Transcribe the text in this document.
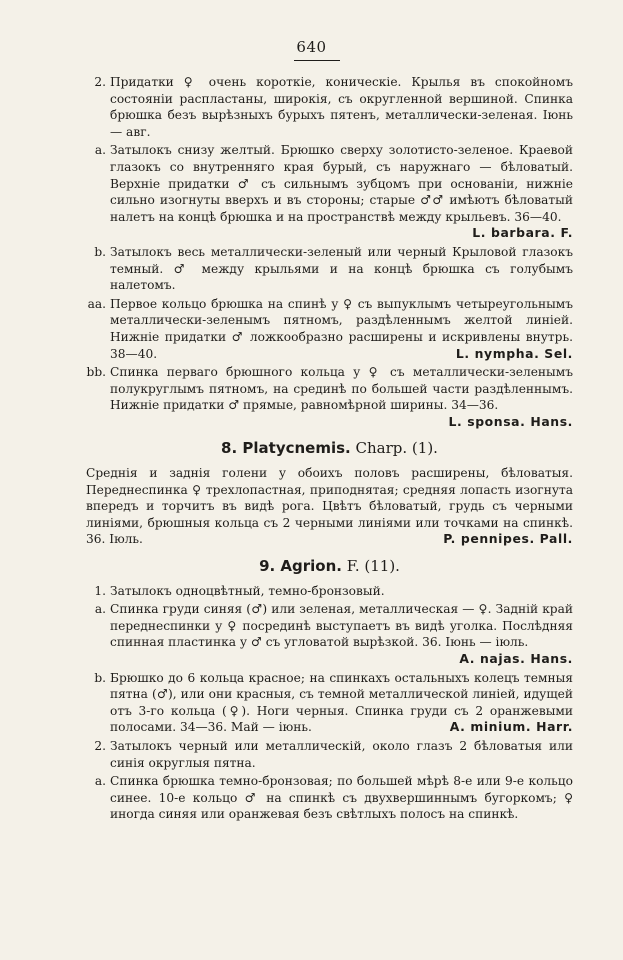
640
2. Придатки ♀ очень короткіе, коническіе. Крылья въ спокойномъ состояніи распластаны, широкія, съ округленной вершиной. Спинка брюшка безъ вырѣзныхъ бурыхъ пятенъ, металлически-зеленая. Іюнь — авг.
a. Затылокъ снизу желтый. Брюшко сверху золотисто-зеленое. Краевой глазокъ со внутренняго края бурый, съ наружнаго — бѣловатый. Верхніе придатки ♂ съ сильнымъ зубцомъ при основаніи, нижніе сильно изогнуты вверхъ и въ стороны; старые ♂♂ имѣютъ бѣловатый налетъ на концѣ брюшка и на пространствѣ между крыльевъ. 36—40.
L. barbara. F.
b. Затылокъ весь металлически-зеленый или черный Крыловой глазокъ темный. ♂ между крыльями и на концѣ брюшка съ голубымъ налетомъ.
aa. Первое кольцо брюшка на спинѣ у ♀ съ выпуклымъ четыреугольнымъ металлически-зеленымъ пятномъ, раздѣленнымъ желтой линіей. Нижніе придатки ♂ ложкообразно расширены и искривлены внутрь. 38—40.	L. nympha. Sel.
bb. Спинка перваго брюшного кольца у ♀ съ металлически-зеленымъ полукруглымъ пятномъ, на срединѣ по большей части раздѣленнымъ. Нижніе придатки ♂ прямые, равномѣрной ширины. 34—36.
L. sponsa. Hans.
8. Platycnemis. Charp. (1).
Среднія и заднія голени у обоихъ половъ расширены, бѣловатыя. Переднеспинка ♀ трехлопастная, приподнятая; средняя лопасть изогнута впередъ и торчитъ въ видѣ рога. Цвѣтъ бѣловатый, грудь съ черными линіями, брюшныя кольца съ 2 черными линіями или точками на спинкѣ. 36. Іюль.	P. pennipes. Pall.
9. Agrion. F. (11).
1. Затылокъ одноцвѣтный, темно-бронзовый.
a. Спинка груди синяя (♂) или зеленая, металлическая — ♀. Задній край переднеспинки у ♀ посрединѣ выступаетъ въ видѣ уголка. Послѣдняя спинная пластинка у ♂ съ угловатой вырѣзкой. 36. Іюнь — іюль.
A. najas. Hans.
b. Брюшко до 6 кольца красное; на спинкахъ остальныхъ колецъ темныя пятна (♂), или они красныя, съ темной металлической линіей, идущей отъ 3-го кольца (♀). Ноги черныя. Спинка груди съ 2 оранжевыми полосами. 34—36. Май — іюнь.	A. minium. Harr.
2. Затылокъ черный или металлическій, около глазъ 2 бѣловатыя или синія округлыя пятна.
a. Спинка брюшка темно-бронзовая; по большей мѣрѣ 8-е или 9-е кольцо синее. 10-е кольцо ♂ на спинкѣ съ двухвершиннымъ бугоркомъ; ♀ иногда синяя или оранжевая безъ свѣтлыхъ полосъ на спинкѣ.
